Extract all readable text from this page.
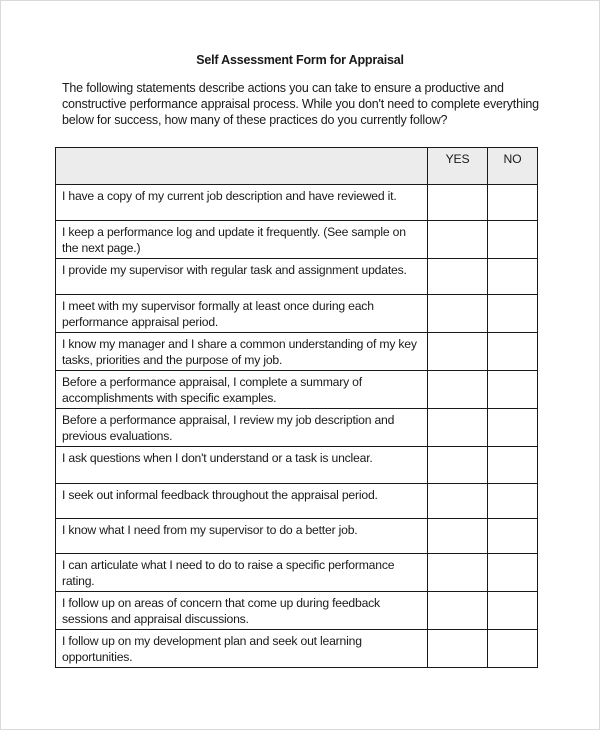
Self Assessment Form for Appraisal
The following statements describe actions you can take to ensure a productive and constructive performance appraisal process. While you don't need to complete everything below for success, how many of these practices do you currently follow?
	YES	NO
I have a copy of my current job description and have reviewed it.		
I keep a performance log and update it frequently. (See sample on the next page.)		
I provide my supervisor with regular task and assignment updates.		
I meet with my supervisor formally at least once during each performance appraisal period.		
I know my manager and I share a common understanding of my key tasks, priorities and the purpose of my job.		
Before a performance appraisal, I complete a summary of accomplishments with specific examples.		
Before a performance appraisal, I review my job description and previous evaluations.		
I ask questions when I don't understand or a task is unclear.		
I seek out informal feedback throughout the appraisal period.		
I know what I need from my supervisor to do a better job.		
I can articulate what I need to do to raise a specific performance rating.		
I follow up on areas of concern that come up during feedback sessions and appraisal discussions.		
I follow up on my development plan and seek out learning opportunities.		
